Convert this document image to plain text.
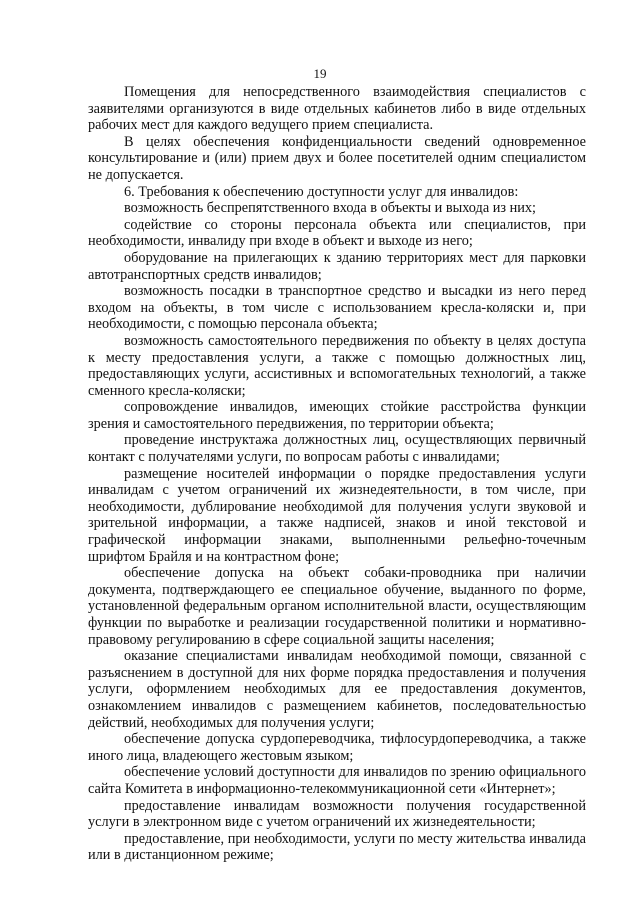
19

Помещения для непосредственного взаимодействия специалистов с заявителями организуются в виде отдельных кабинетов либо в виде отдельных рабочих мест для каждого ведущего прием специалиста.

В целях обеспечения конфиденциальности сведений одновременное консультирование и (или) прием двух и более посетителей одним специалистом не допускается.

6. Требования к обеспечению доступности услуг для инвалидов:

возможность беспрепятственного входа в объекты и выхода из них;

содействие со стороны персонала объекта или специалистов, при необходимости, инвалиду при входе в объект и выходе из него;

оборудование на прилегающих к зданию территориях мест для парковки автотранспортных средств инвалидов;

возможность посадки в транспортное средство и высадки из него перед входом на объекты, в том числе с использованием кресла-коляски и, при необходимости, с помощью персонала объекта;

возможность самостоятельного передвижения по объекту в целях доступа к месту предоставления услуги, а также с помощью должностных лиц, предоставляющих услуги, ассистивных и вспомогательных технологий, а также сменного кресла-коляски;

сопровождение инвалидов, имеющих стойкие расстройства функции зрения и самостоятельного передвижения, по территории объекта;

проведение инструктажа должностных лиц, осуществляющих первичный контакт с получателями услуги, по вопросам работы с инвалидами;

размещение носителей информации о порядке предоставления услуги инвалидам с учетом ограничений их жизнедеятельности, в том числе, при необходимости, дублирование необходимой для получения услуги звуковой и зрительной информации, а также надписей, знаков и иной текстовой и графической информации знаками, выполненными рельефно-точечным шрифтом Брайля и на контрастном фоне;

обеспечение допуска на объект собаки-проводника при наличии документа, подтверждающего ее специальное обучение, выданного по форме, установленной федеральным органом исполнительной власти, осуществляющим функции по выработке и реализации государственной политики и нормативно-правовому регулированию в сфере социальной защиты населения;

оказание специалистами инвалидам необходимой помощи, связанной с разъяснением в доступной для них форме порядка предоставления и получения услуги, оформлением необходимых для ее предоставления документов, ознакомлением инвалидов с размещением кабинетов, последовательностью действий, необходимых для получения услуги;

обеспечение допуска сурдопереводчика, тифлосурдопереводчика, а также иного лица, владеющего жестовым языком;

обеспечение условий доступности для инвалидов по зрению официального сайта Комитета в информационно-телекоммуникационной сети «Интернет»;

предоставление инвалидам возможности получения государственной услуги в электронном виде с учетом ограничений их жизнедеятельности;

предоставление, при необходимости, услуги по месту жительства инвалида или в дистанционном режиме;
